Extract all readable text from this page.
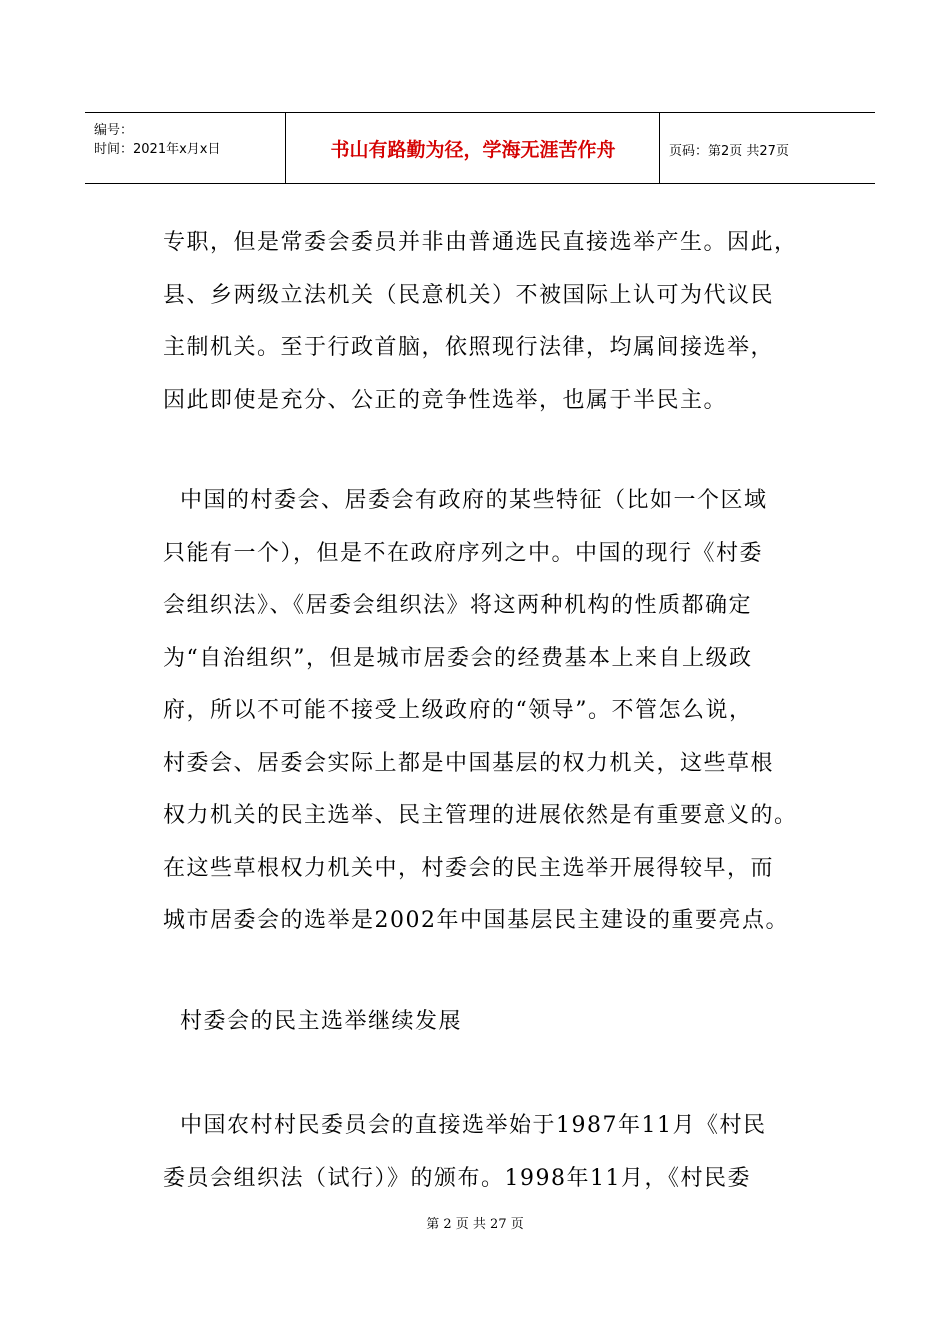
编号：
时间：2021年x月x日	书山有路勤为径，学海无涯苦作舟	页码：第2页 共27页
专职，但是常委会委员并非由普通选民直接选举产生。因此，
县、乡两级立法机关（民意机关）不被国际上认可为代议民
主制机关。至于行政首脑，依照现行法律，均属间接选举，
因此即使是充分、公正的竞争性选举，也属于半民主。
中国的村委会、居委会有政府的某些特征（比如一个区域
只能有一个），但是不在政府序列之中。中国的现行《村委
会组织法》、《居委会组织法》将这两种机构的性质都确定
为“自治组织”，但是城市居委会的经费基本上来自上级政
府，所以不可能不接受上级政府的“领导”。不管怎么说，
村委会、居委会实际上都是中国基层的权力机关，这些草根
权力机关的民主选举、民主管理的进展依然是有重要意义的。
在这些草根权力机关中，村委会的民主选举开展得较早，而
城市居委会的选举是2002年中国基层民主建设的重要亮点。
村委会的民主选举继续发展
中国农村村民委员会的直接选举始于1987年11月《村民
委员会组织法（试行）》的颁布。1998年11月，《村民委
第 2 页 共 27 页
